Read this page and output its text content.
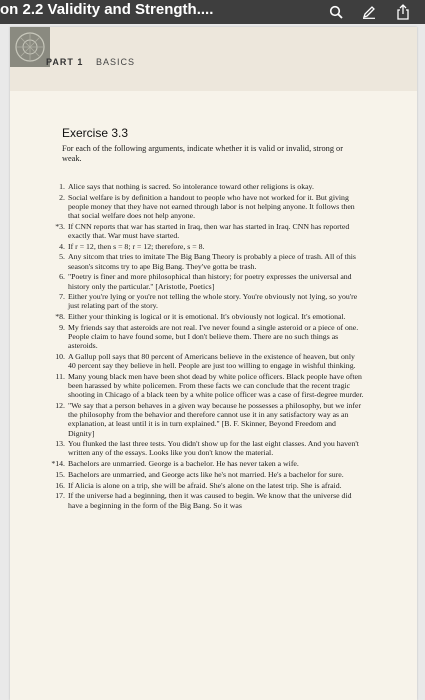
on 2.2 Validity and Strength....
PART 1 BASICS
Exercise 3.3
For each of the following arguments, indicate whether it is valid or invalid, strong or weak.
1. Alice says that nothing is sacred. So intolerance toward other religions is okay.
2. Social welfare is by definition a handout to people who have not worked for it. But giving people money that they have not earned through labor is not helping anyone. It follows then that social welfare does not help anyone.
*3. If CNN reports that war has started in Iraq, then war has started in Iraq. CNN has reported exactly that. War must have started.
4. If r = 12, then s = 8; r = 12; therefore, s = 8.
5. Any sitcom that tries to imitate The Big Bang Theory is probably a piece of trash. All of this season's sitcoms try to ape Big Bang. They've gotta be trash.
6. "Poetry is finer and more philosophical than history; for poetry expresses the universal and history only the particular." [Aristotle, Poetics]
7. Either you're lying or you're not telling the whole story. You're obviously not lying, so you're just relating part of the story.
*8. Either your thinking is logical or it is emotional. It's obviously not logical. It's emotional.
9. My friends say that asteroids are not real. I've never found a single asteroid or a piece of one. People claim to have found some, but I don't believe them. There are no such things as asteroids.
10. A Gallup poll says that 80 percent of Americans believe in the existence of heaven, but only 40 percent say they believe in hell. People are just too willing to engage in wishful thinking.
11. Many young black men have been shot dead by white police officers. Black people have often been harassed by white policemen. From these facts we can conclude that the recent tragic shooting in Chicago of a black teen by a white police officer was a case of first-degree murder.
12. "We say that a person behaves in a given way because he possesses a philosophy, but we infer the philosophy from the behavior and therefore cannot use it in any satisfactory way as an explanation, at least until it is in turn explained." [B. F. Skinner, Beyond Freedom and Dignity]
13. You flunked the last three tests. You didn't show up for the last eight classes. And you haven't written any of the essays. Looks like you don't know the material.
*14. Bachelors are unmarried. George is a bachelor. He has never taken a wife.
15. Bachelors are unmarried, and George acts like he's not married. He's a bachelor for sure.
16. If Alicia is alone on a trip, she will be afraid. She's alone on the latest trip. She is afraid.
17. If the universe had a beginning, then it was caused to begin. We know that the universe did have a beginning in the form of the Big Bang. So it was
